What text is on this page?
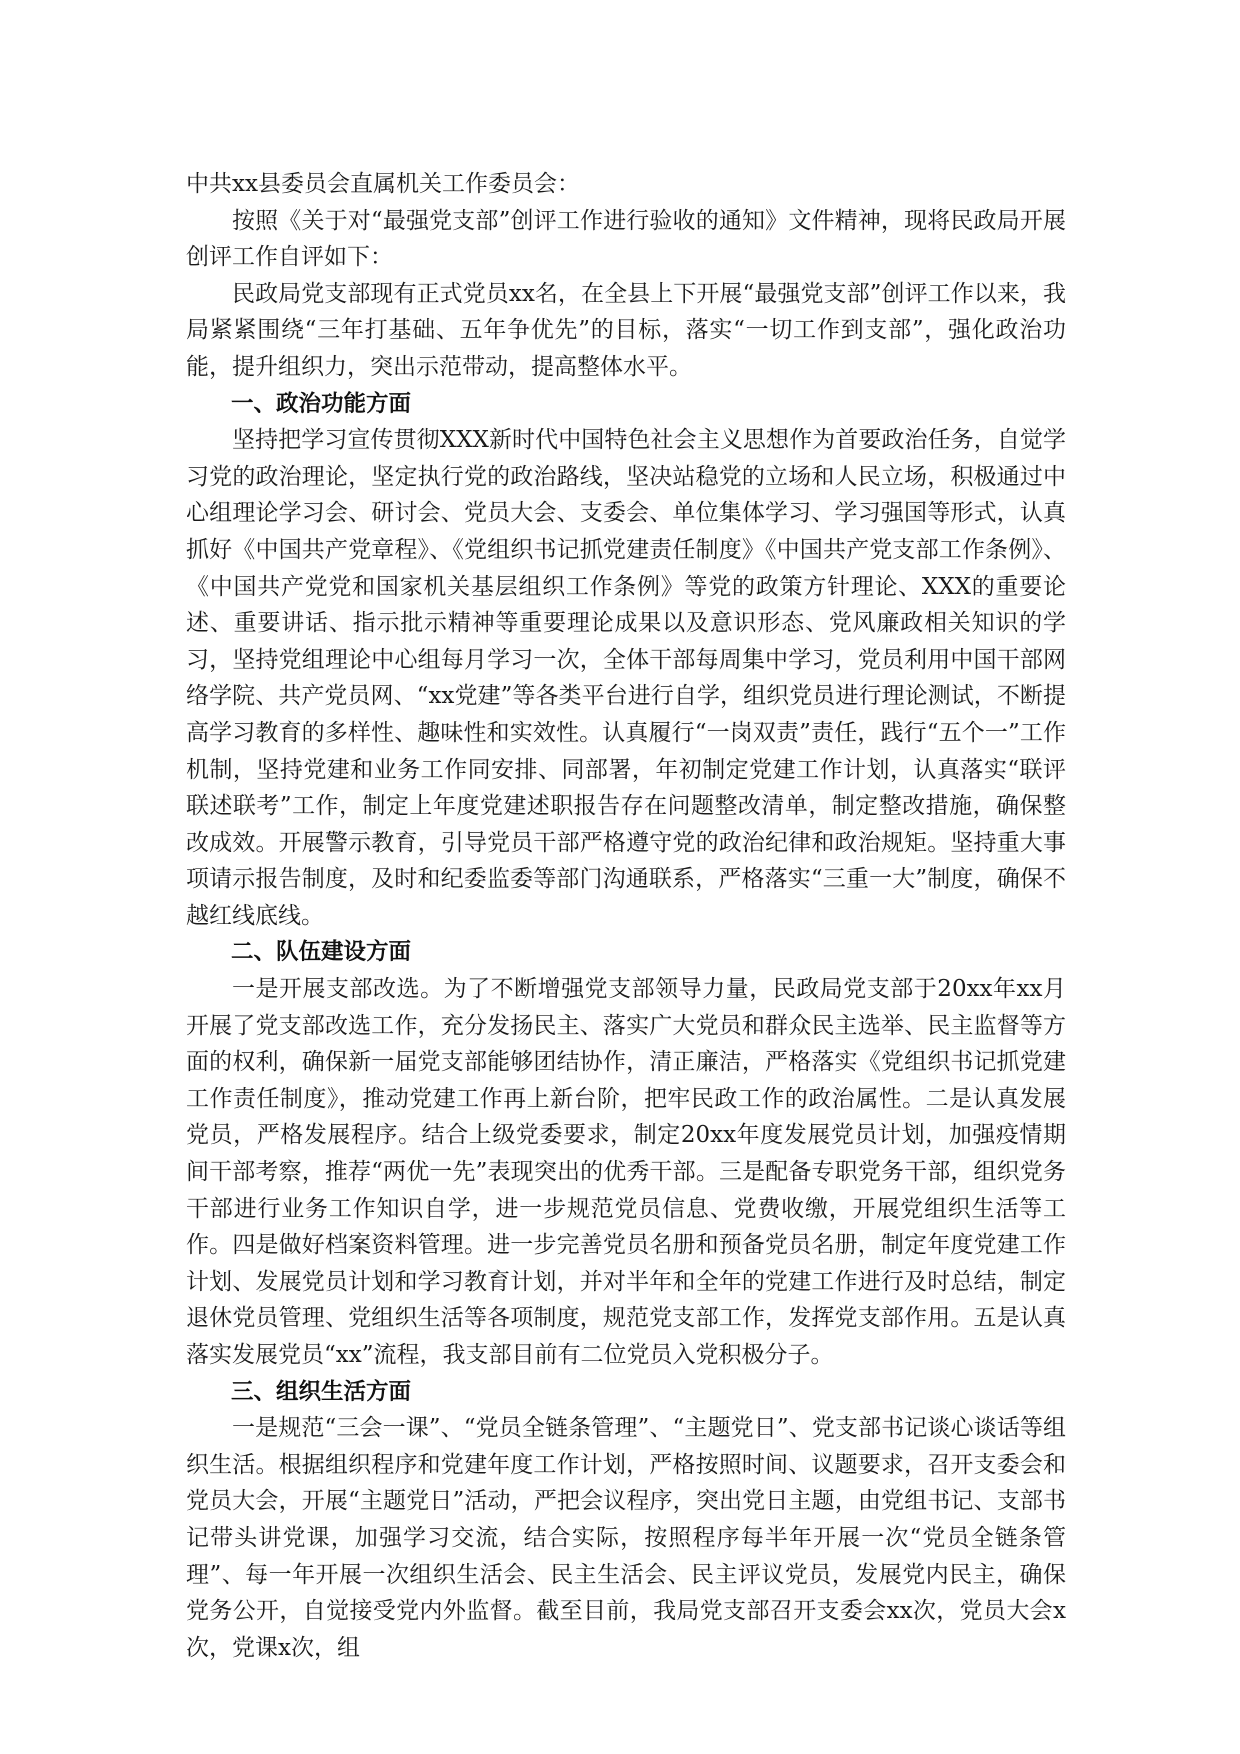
中共xx县委员会直属机关工作委员会：

按照《关于对“最强党支部”创评工作进行验收的通知》文件精神，现将民政局开展创评工作自评如下：

民政局党支部现有正式党员xx名，在全县上下开展“最强党支部”创评工作以来，我局紧紧围绕“三年打基础、五年争优先”的目标，落实“一切工作到支部”，强化政治功能，提升组织力，突出示范带动，提高整体水平。

一、政治功能方面

坚持把学习宣传贯彻XXX新时代中国特色社会主义思想作为首要政治任务，自觉学习党的政治理论，坚定执行党的政治路线，坚决站稳党的立场和人民立场，积极通过中心组理论学习会、研讨会、党员大会、支委会、单位集体学习、学习强国等形式，认真抓好《中国共产党章程》、《党组织书记抓党建责任制度》《中国共产党支部工作条例》、《中国共产党党和国家机关基层组织工作条例》等党的政策方针理论、XXX的重要论述、重要讲话、指示批示精神等重要理论成果以及意识形态、党风廉政相关知识的学习，坚持党组理论中心组每月学习一次，全体干部每周集中学习，党员利用中国干部网络学院、共产党员网、“xx党建”等各类平台进行自学，组织党员进行理论测试，不断提高学习教育的多样性、趣味性和实效性。认真履行“一岗双责”责任，践行“五个一”工作机制，坚持党建和业务工作同安排、同部署，年初制定党建工作计划，认真落实“联评联述联考”工作，制定上年度党建述职报告存在问题整改清单，制定整改措施，确保整改成效。开展警示教育，引导党员干部严格遵守党的政治纪律和政治规矩。坚持重大事项请示报告制度，及时和纪委监委等部门沟通联系，严格落实“三重一大”制度，确保不越红线底线。

二、队伍建设方面

一是开展支部改选。为了不断增强党支部领导力量，民政局党支部于20xx年xx月开展了党支部改选工作，充分发扬民主、落实广大党员和群众民主选举、民主监督等方面的权利，确保新一届党支部能够团结协作，清正廉洁，严格落实《党组织书记抓党建工作责任制度》，推动党建工作再上新台阶，把牢民政工作的政治属性。二是认真发展党员，严格发展程序。结合上级党委要求，制定20xx年度发展党员计划，加强疫情期间干部考察，推荐“两优一先”表现突出的优秀干部。三是配备专职党务干部，组织党务干部进行业务工作知识自学，进一步规范党员信息、党费收缴，开展党组织生活等工作。四是做好档案资料管理。进一步完善党员名册和预备党员名册，制定年度党建工作计划、发展党员计划和学习教育计划，并对半年和全年的党建工作进行及时总结，制定退休党员管理、党组织生活等各项制度，规范党支部工作，发挥党支部作用。五是认真落实发展党员“xx”流程，我支部目前有二位党员入党积极分子。

三、组织生活方面

一是规范“三会一课”、“党员全链条管理”、“主题党日”、党支部书记谈心谈话等组织生活。根据组织程序和党建年度工作计划，严格按照时间、议题要求，召开支委会和党员大会，开展“主题党日”活动，严把会议程序，突出党日主题，由党组书记、支部书记带头讲党课，加强学习交流，结合实际，按照程序每半年开展一次“党员全链条管理”、每一年开展一次组织生活会、民主生活会、民主评议党员，发展党内民主，确保党务公开，自觉接受党内外监督。截至目前，我局党支部召开支委会xx次，党员大会x次，党课x次，组
